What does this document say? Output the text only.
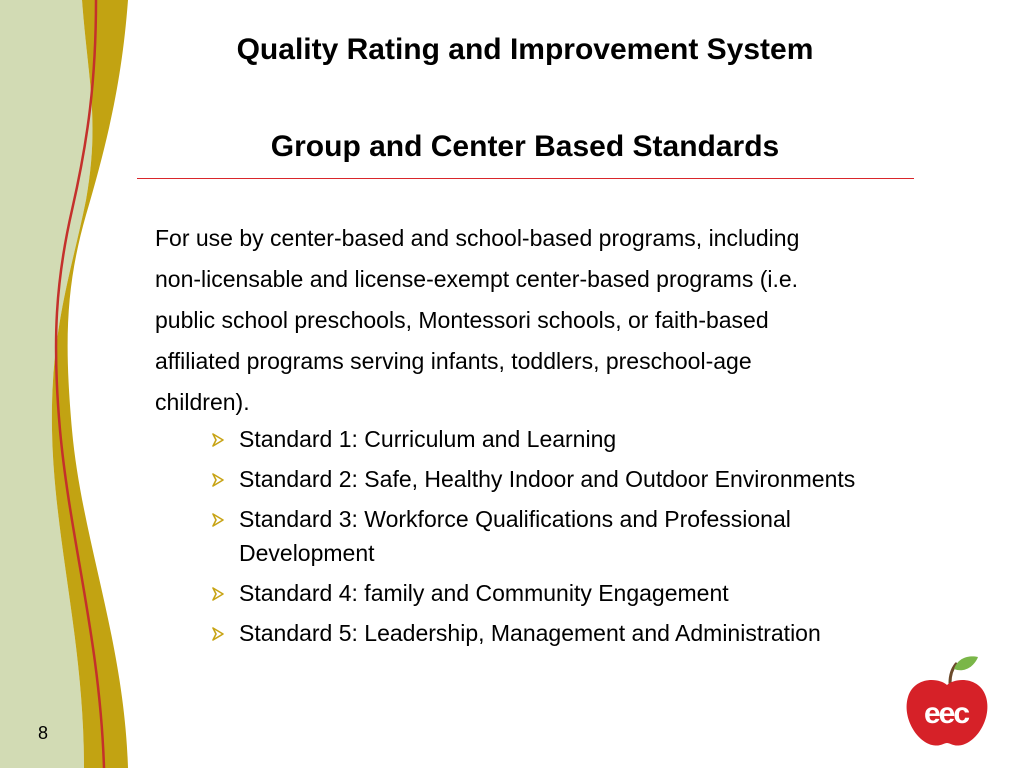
Quality Rating and Improvement System
Group and Center Based Standards
For use by center-based and school-based programs, including
non-licensable and license-exempt center-based programs (i.e.
public school preschools, Montessori schools, or faith-based
affiliated programs serving infants, toddlers, preschool-age
children).
Standard 1: Curriculum and Learning
Standard 2: Safe, Healthy Indoor and Outdoor Environments
Standard 3: Workforce Qualifications and Professional Development
Standard 4: family and Community Engagement
Standard 5: Leadership, Management and Administration
8
eec
